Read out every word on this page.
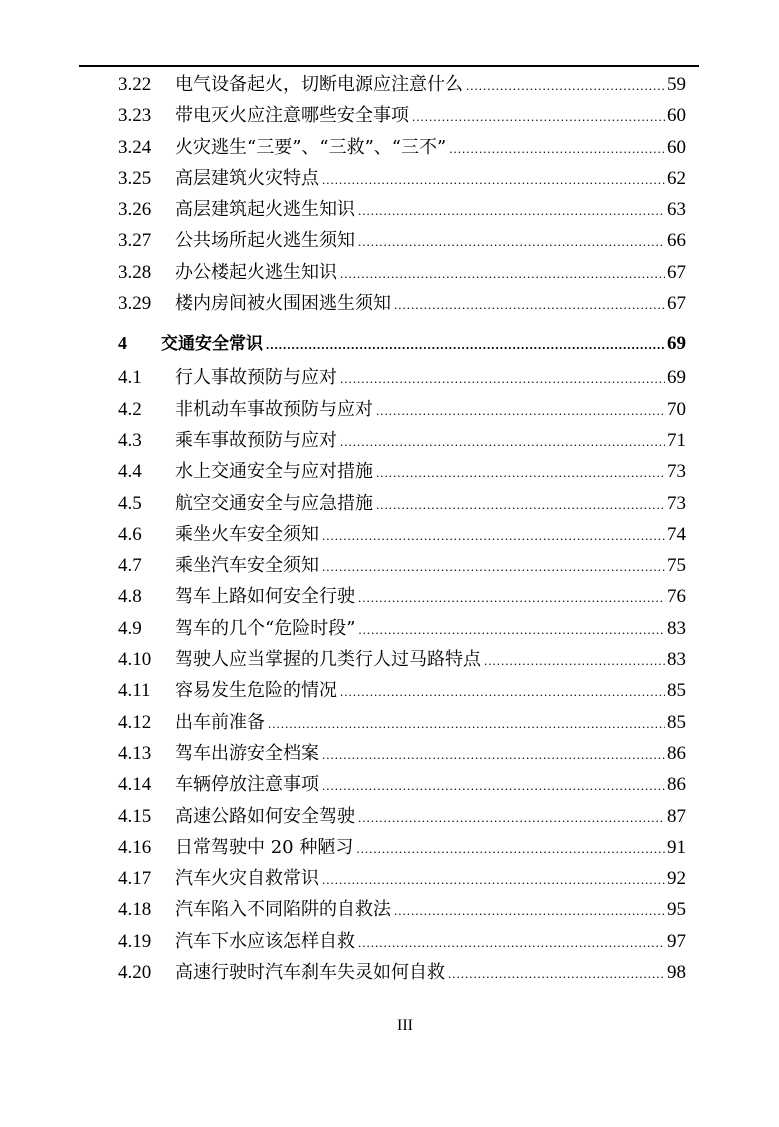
3.22	电气设备起火，切断电源应注意什么 .....	59
3.23	带电灭火应注意哪些安全事项 .....	60
3.24	火灾逃生“三要”、“三救”、“三不” .....	60
3.25	高层建筑火灾特点 .....	62
3.26	高层建筑起火逃生知识 .....	63
3.27	公共场所起火逃生须知 .....	66
3.28	办公楼起火逃生知识 .....	67
3.29	楼内房间被火围困逃生须知 .....	67
4	交通安全常识 .....	69
4.1	行人事故预防与应对 .....	69
4.2	非机动车事故预防与应对 .....	70
4.3	乘车事故预防与应对 .....	71
4.4	水上交通安全与应对措施 .....	73
4.5	航空交通安全与应急措施 .....	73
4.6	乘坐火车安全须知 .....	74
4.7	乘坐汽车安全须知 .....	75
4.8	驾车上路如何安全行驶 .....	76
4.9	驾车的几个“危险时段” .....	83
4.10	驾驶人应当掌握的几类行人过马路特点 .....	83
4.11	容易发生危险的情况 .....	85
4.12	出车前准备 .....	85
4.13	驾车出游安全档案 .....	86
4.14	车辆停放注意事项 .....	86
4.15	高速公路如何安全驾驶 .....	87
4.16	日常驾驶中 20 种陋习 .....	91
4.17	汽车火灾自救常识 .....	92
4.18	汽车陷入不同陷阱的自救法 .....	95
4.19	汽车下水应该怎样自救 .....	97
4.20	高速行驶时汽车刹车失灵如何自救 .....	98
III
